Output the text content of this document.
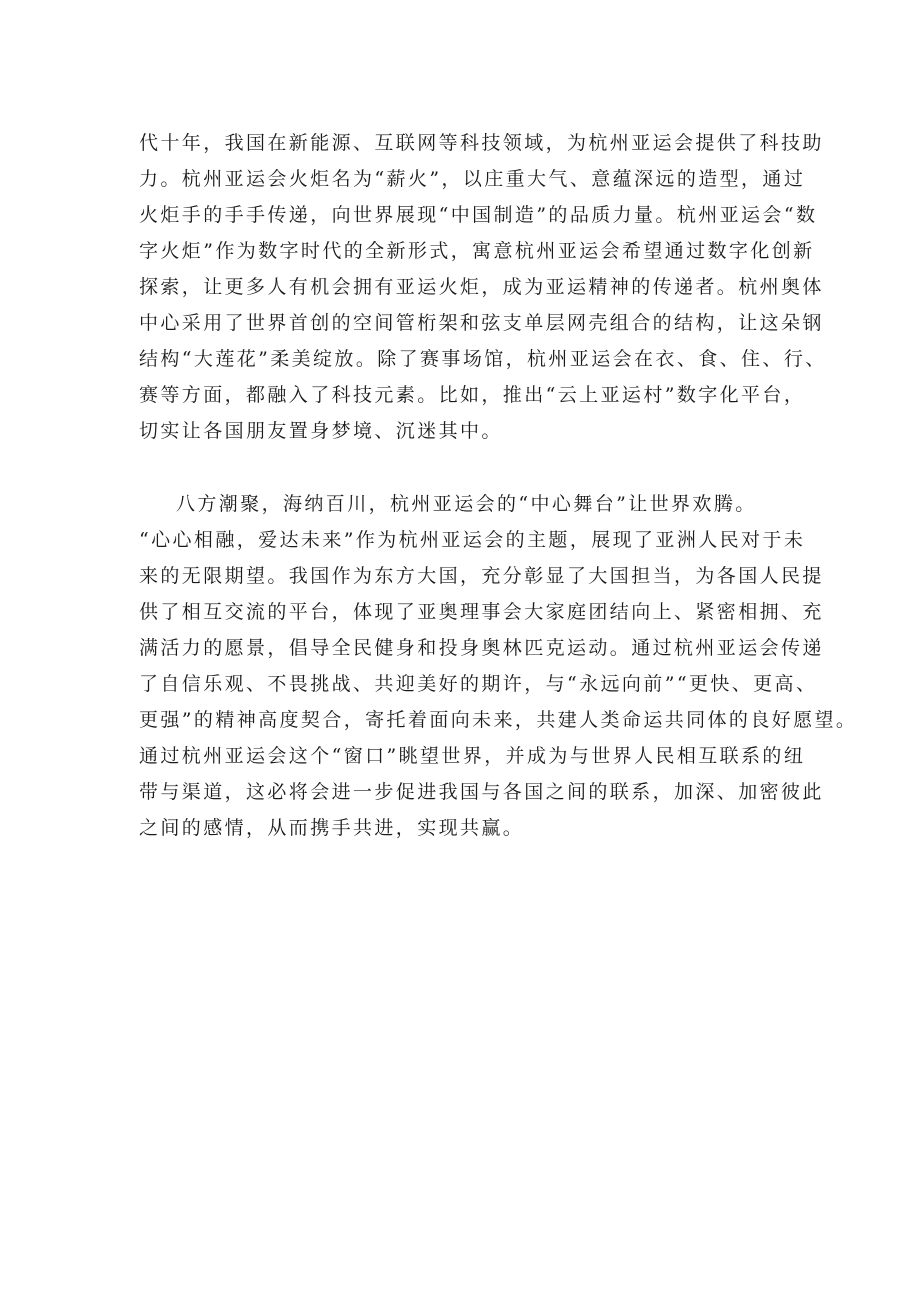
代十年，我国在新能源、互联网等科技领域，为杭州亚运会提供了科技助
力。杭州亚运会火炬名为“薪火”，以庄重大气、意蕴深远的造型，通过
火炬手的手手传递，向世界展现“中国制造”的品质力量。杭州亚运会“数
字火炬”作为数字时代的全新形式，寓意杭州亚运会希望通过数字化创新
探索，让更多人有机会拥有亚运火炬，成为亚运精神的传递者。杭州奥体
中心采用了世界首创的空间管桁架和弦支单层网壳组合的结构，让这朵钢
结构“大莲花”柔美绽放。除了赛事场馆，杭州亚运会在衣、食、住、行、
赛等方面，都融入了科技元素。比如，推出“云上亚运村”数字化平台，
切实让各国朋友置身梦境、沉迷其中。
八方潮聚，海纳百川，杭州亚运会的“中心舞台”让世界欢腾。
“心心相融，爱达未来”作为杭州亚运会的主题，展现了亚洲人民对于未
来的无限期望。我国作为东方大国，充分彰显了大国担当，为各国人民提
供了相互交流的平台，体现了亚奥理事会大家庭团结向上、紧密相拥、充
满活力的愿景，倡导全民健身和投身奥林匹克运动。通过杭州亚运会传递
了自信乐观、不畏挑战、共迎美好的期许，与“永远向前”“更快、更高、
更强”的精神高度契合，寄托着面向未来，共建人类命运共同体的良好愿望。
通过杭州亚运会这个“窗口”眺望世界，并成为与世界人民相互联系的纽
带与渠道，这必将会进一步促进我国与各国之间的联系，加深、加密彼此
之间的感情，从而携手共进，实现共赢。
